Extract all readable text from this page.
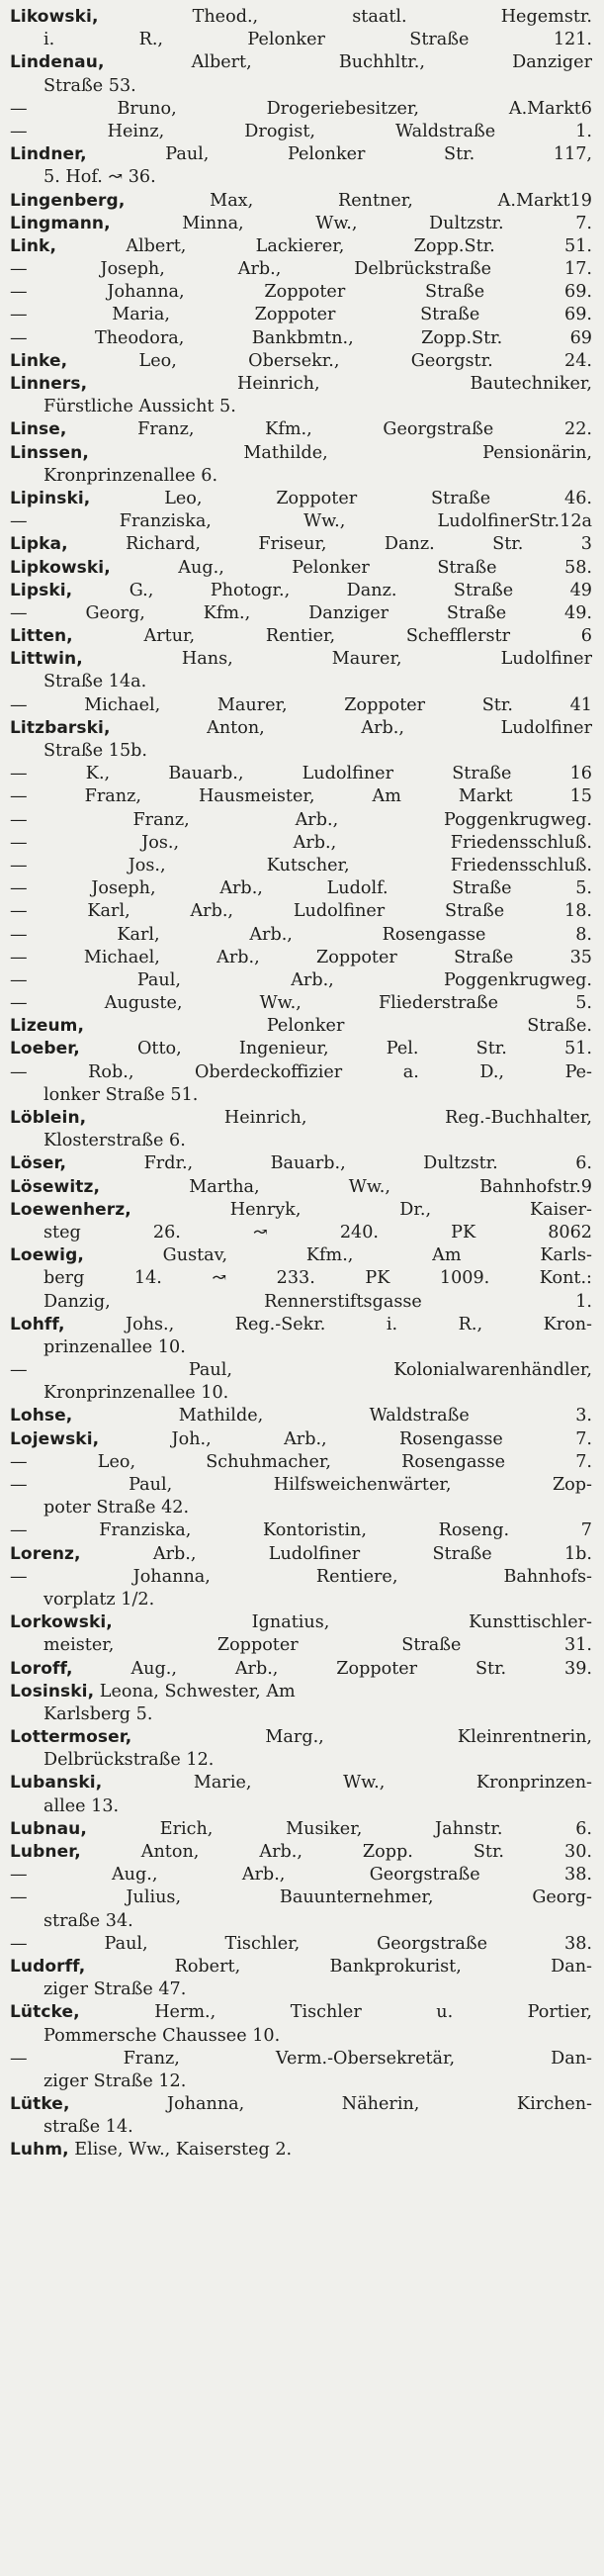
Likowski, Theod., staatl. Hegemstr.
i. R., Pelonker Straße 121.
Lindenau, Albert, Buchhltr., Danziger
Straße 53.
— Bruno, Drogeriebesitzer, A.Markt6
— Heinz, Drogist, Waldstraße 1.
Lindner, Paul, Pelonker Str. 117,
5. Hof. ↝ 36.
Lingenberg, Max, Rentner, A.Markt19
Lingmann, Minna, Ww., Dultzstr. 7.
Link, Albert, Lackierer, Zopp.Str. 51.
— Joseph, Arb., Delbrückstraße 17.
— Johanna, Zoppoter Straße 69.
— Maria, Zoppoter Straße 69.
— Theodora, Bankbmtn., Zopp.Str. 69
Linke, Leo, Obersekr., Georgstr. 24.
Linners, Heinrich, Bautechniker,
Fürstliche Aussicht 5.
Linse, Franz, Kfm., Georgstraße 22.
Linssen, Mathilde, Pensionärin,
Kronprinzenallee 6.
Lipinski, Leo, Zoppoter Straße 46.
— Franziska, Ww., LudolfinerStr.12a
Lipka, Richard, Friseur, Danz. Str. 3
Lipkowski, Aug., Pelonker Straße 58.
Lipski, G., Photogr., Danz. Straße 49
— Georg, Kfm., Danziger Straße 49.
Litten, Artur, Rentier, Schefflerstr 6
Littwin, Hans, Maurer, Ludolfiner
Straße 14a.
— Michael, Maurer, Zoppoter Str. 41
Litzbarski, Anton, Arb., Ludolfiner
Straße 15b.
— K., Bauarb., Ludolfiner Straße 16
— Franz, Hausmeister, Am Markt 15
— Franz, Arb., Poggenkrugweg.
— Jos., Arb., Friedensschluß.
— Jos., Kutscher, Friedensschluß.
— Joseph, Arb., Ludolf. Straße 5.
— Karl, Arb., Ludolfiner Straße 18.
— Karl, Arb., Rosengasse 8.
— Michael, Arb., Zoppoter Straße 35
— Paul, Arb., Poggenkrugweg.
— Auguste, Ww., Fliederstraße 5.
Lizeum, Pelonker Straße.
Loeber, Otto, Ingenieur, Pel. Str. 51.
— Rob., Oberdeckoffizier a. D., Pe-
lonker Straße 51.
Löblein, Heinrich, Reg.-Buchhalter,
Klosterstraße 6.
Löser, Frdr., Bauarb., Dultzstr. 6.
Lösewitz, Martha, Ww., Bahnhofstr.9
Loewenherz, Henryk, Dr., Kaiser-
steg 26. ↝ 240. PK 8062
Loewig, Gustav, Kfm., Am Karls-
berg 14. ↝ 233. PK 1009. Kont.:
Danzig, Rennerstiftsgasse 1.
Lohff, Johs., Reg.-Sekr. i. R., Kron-
prinzenallee 10.
— Paul, Kolonialwarenhändler,
Kronprinzenallee 10.
Lohse, Mathilde, Waldstraße 3.
Lojewski, Joh., Arb., Rosengasse 7.
— Leo, Schuhmacher, Rosengasse 7.
— Paul, Hilfsweichenwärter, Zop-
poter Straße 42.
— Franziska, Kontoristin, Roseng. 7
Lorenz, Arb., Ludolfiner Straße 1b.
— Johanna, Rentiere, Bahnhofs-
vorplatz 1/2.
Lorkowski, Ignatius, Kunsttischler-
meister, Zoppoter Straße 31.
Loroff, Aug., Arb., Zoppoter Str. 39.
Losinski, Leona, Schwester, Am
Karlsberg 5.
Lottermoser, Marg., Kleinrentnerin,
Delbrückstraße 12.
Lubanski, Marie, Ww., Kronprinzen-
allee 13.
Lubnau, Erich, Musiker, Jahnstr. 6.
Lubner, Anton, Arb., Zopp. Str. 30.
— Aug., Arb., Georgstraße 38.
— Julius, Bauunternehmer, Georg-
straße 34.
— Paul, Tischler, Georgstraße 38.
Ludorff, Robert, Bankprokurist, Dan-
ziger Straße 47.
Lütcke, Herm., Tischler u. Portier,
Pommersche Chaussee 10.
— Franz, Verm.-Obersekretär, Dan-
ziger Straße 12.
Lütke, Johanna, Näherin, Kirchen-
straße 14.
Luhm, Elise, Ww., Kaisersteg 2.
